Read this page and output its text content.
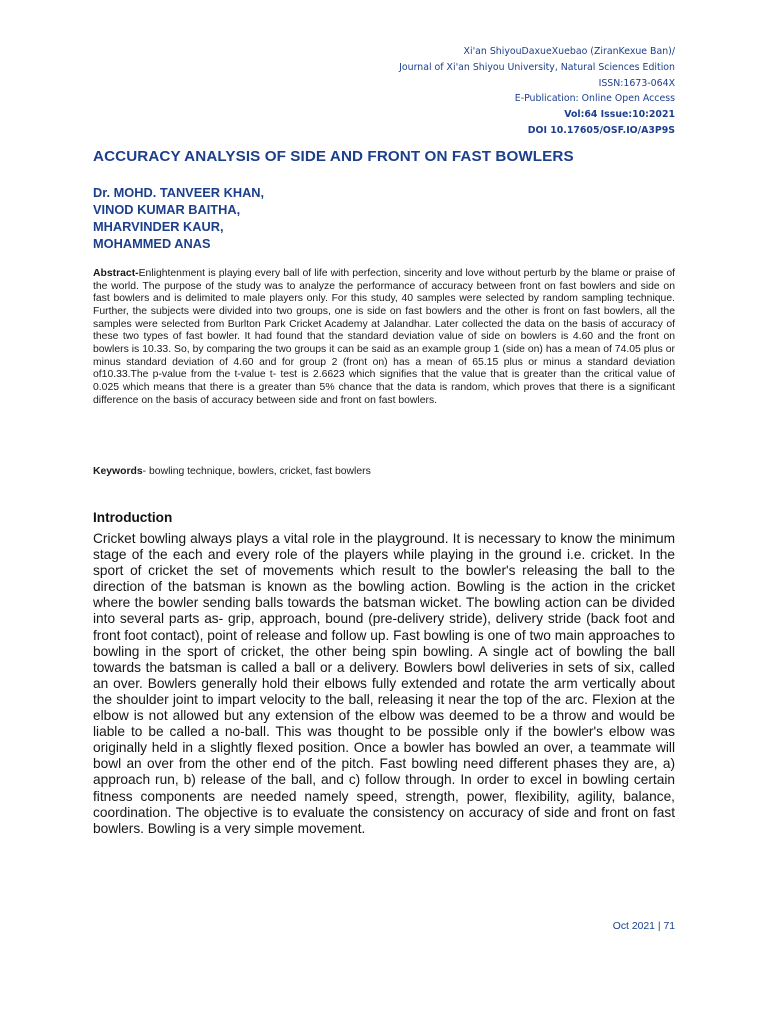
Xi'an ShiyouDaxueXuebao (ZiranKexue Ban)/
Journal of Xi'an Shiyou University, Natural Sciences Edition
ISSN:1673-064X
E-Publication: Online Open Access
Vol:64 Issue:10:2021
DOI 10.17605/OSF.IO/A3P9S
ACCURACY ANALYSIS OF SIDE AND FRONT ON FAST BOWLERS
Dr. MOHD. TANVEER KHAN,
VINOD KUMAR BAITHA,
MHARVINDER KAUR,
MOHAMMED ANAS

Abstract-Enlightenment is playing every ball of life with perfection, sincerity and love without perturb by the blame or praise of the world. The purpose of the study was to analyze the performance of accuracy between front on fast bowlers and side on fast bowlers and is delimited to male players only. For this study, 40 samples were selected by random sampling technique. Further, the subjects were divided into two groups, one is side on fast bowlers and the other is front on fast bowlers, all the samples were selected from Burlton Park Cricket Academy at Jalandhar. Later collected the data on the basis of accuracy of these two types of fast bowler. It had found that the standard deviation value of side on bowlers is 4.60 and the front on bowlers is 10.33. So, by comparing the two groups it can be said as an example group 1 (side on) has a mean of 74.05 plus or minus standard deviation of 4.60 and for group 2 (front on) has a mean of 65.15 plus or minus a standard deviation of10.33.The p-value from the t-value t- test is 2.6623 which signifies that the value that is greater than the critical value of 0.025 which means that there is a greater than 5% chance that the data is random, which proves that there is a significant difference on the basis of accuracy between side and front on fast bowlers.

Keywords- bowling technique, bowlers, cricket, fast bowlers
Introduction

Cricket bowling always plays a vital role in the playground. It is necessary to know the minimum stage of the each and every role of the players while playing in the ground i.e. cricket. In the sport of cricket the set of movements which result to the bowler's releasing the ball to the direction of the batsman is known as the bowling action. Bowling is the action in the cricket where the bowler sending balls towards the batsman wicket. The bowling action can be divided into several parts as- grip, approach, bound (pre-delivery stride), delivery stride (back foot and front foot contact), point of release and follow up. Fast bowling is one of two main approaches to bowling in the sport of cricket, the other being spin bowling. A single act of bowling the ball towards the batsman is called a ball or a delivery. Bowlers bowl deliveries in sets of six, called an over. Bowlers generally hold their elbows fully extended and rotate the arm vertically about the shoulder joint to impart velocity to the ball, releasing it near the top of the arc. Flexion at the elbow is not allowed but any extension of the elbow was deemed to be a throw and would be liable to be called a no-ball. This was thought to be possible only if the bowler's elbow was originally held in a slightly flexed position. Once a bowler has bowled an over, a teammate will bowl an over from the other end of the pitch. Fast bowling need different phases they are, a) approach run, b) release of the ball, and c) follow through. In order to excel in bowling certain fitness components are needed namely speed, strength, power, flexibility, agility, balance, coordination. The objective is to evaluate the consistency on accuracy of side and front on fast bowlers. Bowling is a very simple movement.

Oct 2021 | 71
